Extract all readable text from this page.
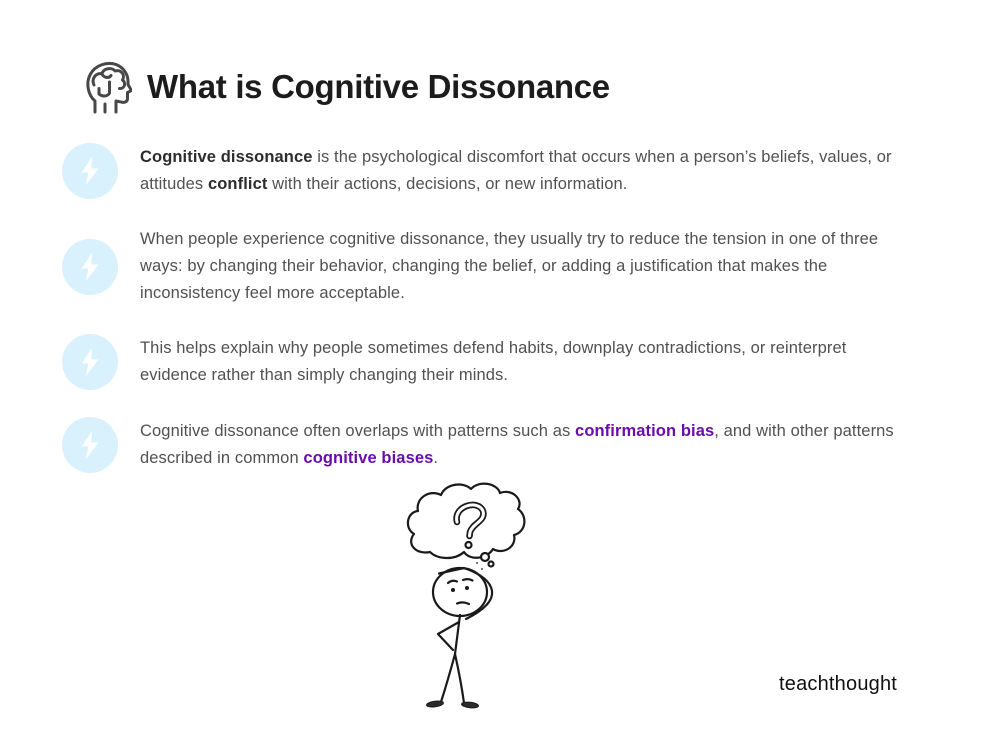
What is Cognitive Dissonance

Cognitive dissonance is the psychological discomfort that occurs when a person’s beliefs, values, or attitudes conflict with their actions, decisions, or new information.

When people experience cognitive dissonance, they usually try to reduce the tension in one of three ways: by changing their behavior, changing the belief, or adding a justification that makes the inconsistency feel more acceptable.

This helps explain why people sometimes defend habits, downplay contradictions, or reinterpret evidence rather than simply changing their minds.

Cognitive dissonance often overlaps with patterns such as confirmation bias, and with other patterns described in common cognitive biases.

teachthought
